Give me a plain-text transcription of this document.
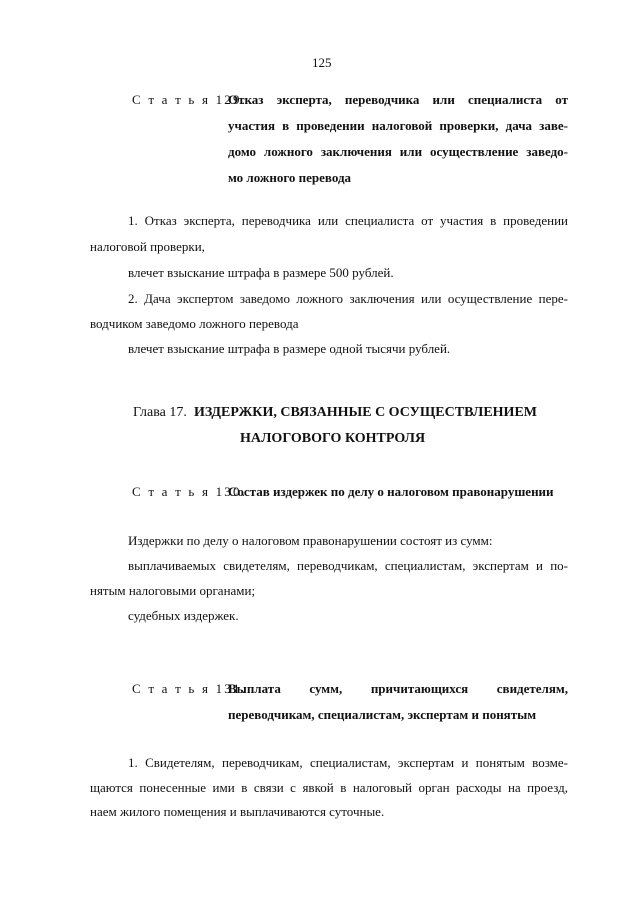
125
С т а т ь я 129.
Отказ эксперта, переводчика или специалиста от
участия в проведении налоговой проверки, дача заве-
домо ложного заключения или осуществление заведо-
мо ложного перевода
1. Отказ эксперта, переводчика или специалиста от участия в проведении
налоговой проверки,
влечет взыскание штрафа в размере 500 рублей.
2. Дача экспертом заведомо ложного заключения или осуществление пере-
водчиком заведомо ложного перевода
влечет взыскание штрафа в размере одной тысячи рублей.
Глава 17. ИЗДЕРЖКИ, СВЯЗАННЫЕ С ОСУЩЕСТВЛЕНИЕМ
НАЛОГОВОГО КОНТРОЛЯ
С т а т ь я 130.
Состав издержек по делу о налоговом правонарушении
Издержки по делу о налоговом правонарушении состоят из сумм:
выплачиваемых свидетелям, переводчикам, специалистам, экспертам и по-
нятым налоговыми органами;
судебных издержек.
С т а т ь я 131.
Выплата сумм, причитающихся свидетелям,
переводчикам, специалистам, экспертам и понятым
1. Свидетелям, переводчикам, специалистам, экспертам и понятым возме-
щаются понесенные ими в связи с явкой в налоговый орган расходы на проезд,
наем жилого помещения и выплачиваются суточные.
